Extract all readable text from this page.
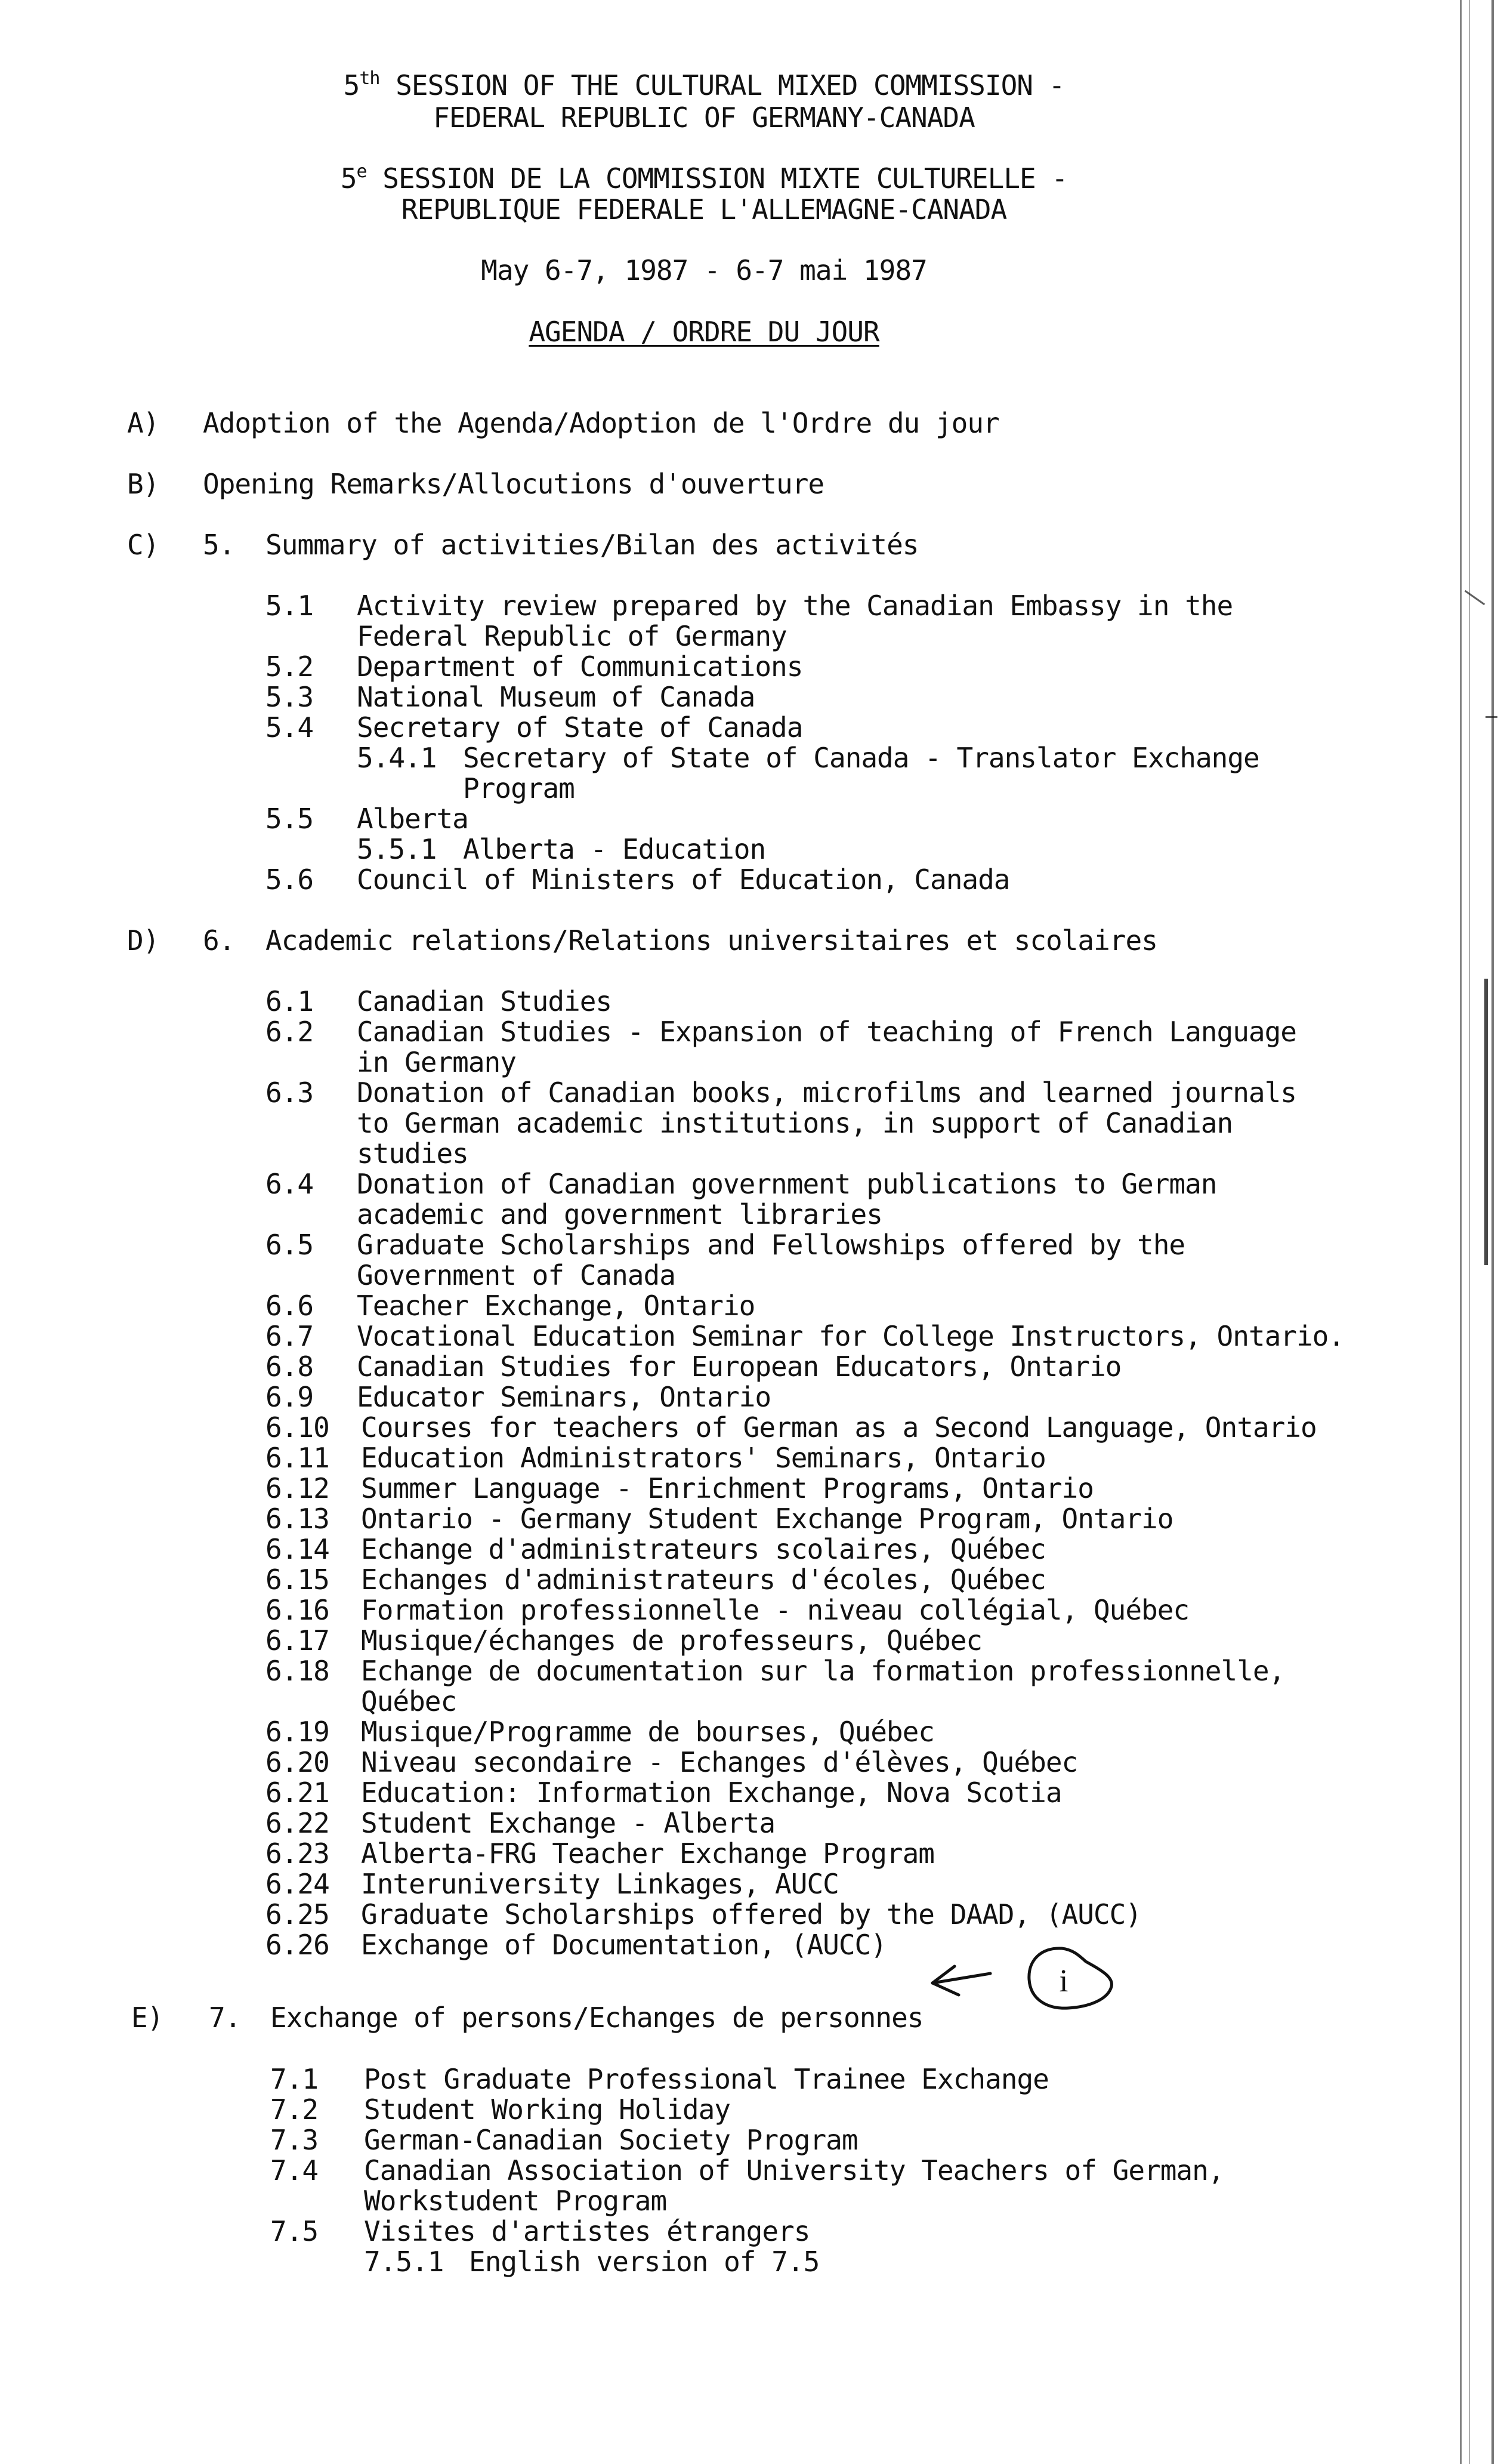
5th SESSION OF THE CULTURAL MIXED COMMISSION -
FEDERAL REPUBLIC OF GERMANY-CANADA
5e SESSION DE LA COMMISSION MIXTE CULTURELLE -
REPUBLIQUE FEDERALE L'ALLEMAGNE-CANADA
May 6-7, 1987 - 6-7 mai 1987
AGENDA / ORDRE DU JOUR
A) Adoption of the Agenda/Adoption de l'Ordre du jour
B) Opening Remarks/Allocutions d'ouverture
C) 5. Summary of activities/Bilan des activités
5.1 Activity review prepared by the Canadian Embassy in the
Federal Republic of Germany
5.2 Department of Communications
5.3 National Museum of Canada
5.4 Secretary of State of Canada
5.4.1 Secretary of State of Canada - Translator Exchange
Program
5.5 Alberta
5.5.1 Alberta - Education
5.6 Council of Ministers of Education, Canada
D) 6. Academic relations/Relations universitaires et scolaires
6.1 Canadian Studies
6.2 Canadian Studies - Expansion of teaching of French Language
in Germany
6.3 Donation of Canadian books, microfilms and learned journals
to German academic institutions, in support of Canadian
studies
6.4 Donation of Canadian government publications to German
academic and government libraries
6.5 Graduate Scholarships and Fellowships offered by the
Government of Canada
6.6 Teacher Exchange, Ontario
6.7 Vocational Education Seminar for College Instructors, Ontario.
6.8 Canadian Studies for European Educators, Ontario
6.9 Educator Seminars, Ontario
6.10 Courses for teachers of German as a Second Language, Ontario
6.11 Education Administrators' Seminars, Ontario
6.12 Summer Language - Enrichment Programs, Ontario
6.13 Ontario - Germany Student Exchange Program, Ontario
6.14 Echange d'administrateurs scolaires, Québec
6.15 Echanges d'administrateurs d'écoles, Québec
6.16 Formation professionnelle - niveau collégial, Québec
6.17 Musique/échanges de professeurs, Québec
6.18 Echange de documentation sur la formation professionnelle,
Québec
6.19 Musique/Programme de bourses, Québec
6.20 Niveau secondaire - Echanges d'élèves, Québec
6.21 Education: Information Exchange, Nova Scotia
6.22 Student Exchange - Alberta
6.23 Alberta-FRG Teacher Exchange Program
6.24 Interuniversity Linkages, AUCC
6.25 Graduate Scholarships offered by the DAAD, (AUCC)
6.26 Exchange of Documentation, (AUCC)
i
E) 7. Exchange of persons/Echanges de personnes
7.1 Post Graduate Professional Trainee Exchange
7.2 Student Working Holiday
7.3 German-Canadian Society Program
7.4 Canadian Association of University Teachers of German,
Workstudent Program
7.5 Visites d'artistes étrangers
7.5.1 English version of 7.5
